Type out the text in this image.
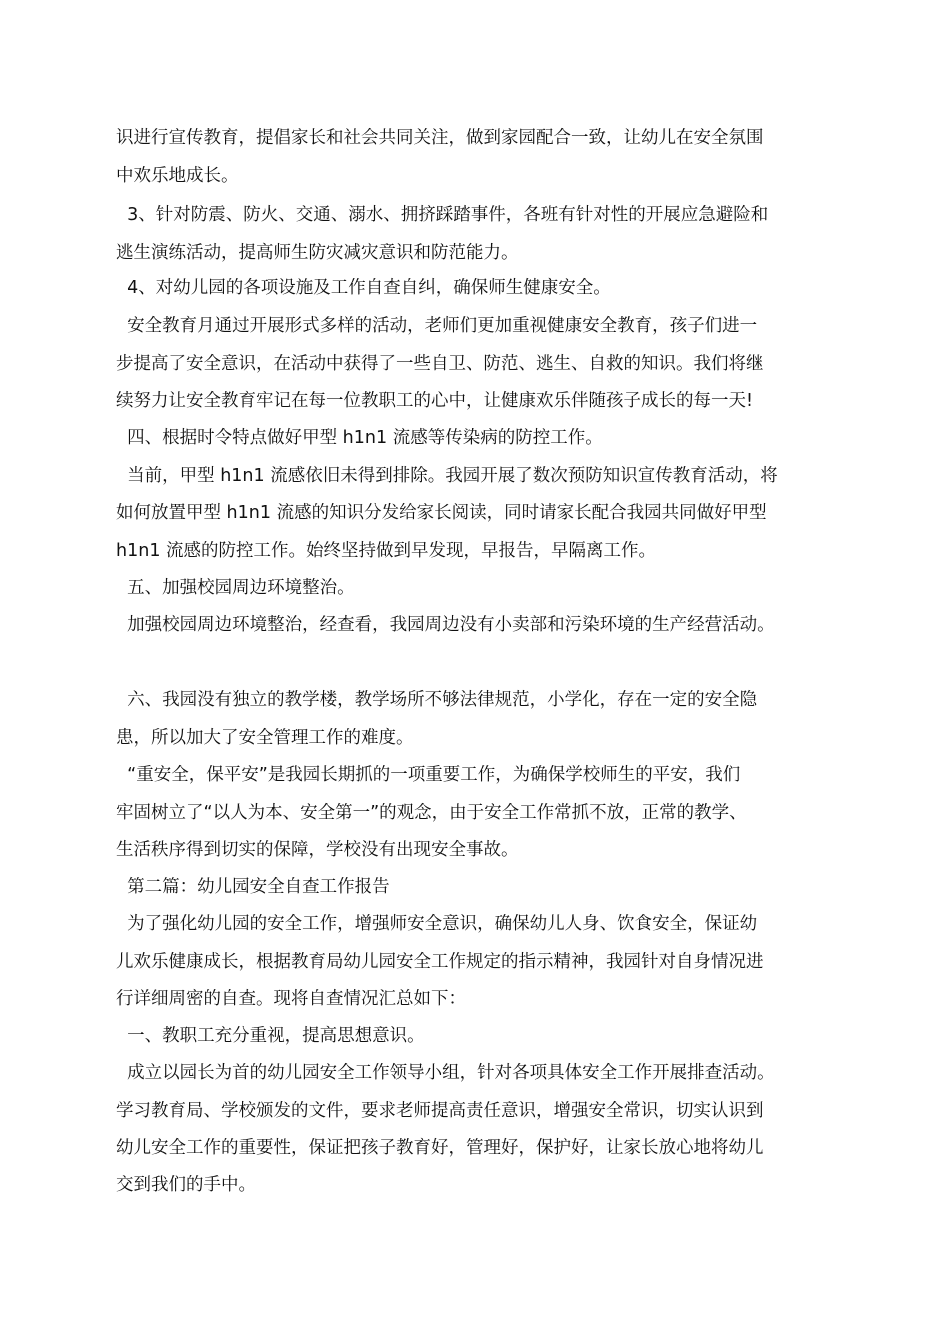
识进行宣传教育，提倡家长和社会共同关注，做到家园配合一致，让幼儿在安全氛围
中欢乐地成长。
3、针对防震、防火、交通、溺水、拥挤踩踏事件，各班有针对性的开展应急避险和
逃生演练活动，提高师生防灾减灾意识和防范能力。
4、对幼儿园的各项设施及工作自查自纠，确保师生健康安全。
安全教育月通过开展形式多样的活动，老师们更加重视健康安全教育，孩子们进一
步提高了安全意识，在活动中获得了一些自卫、防范、逃生、自救的知识。我们将继
续努力让安全教育牢记在每一位教职工的心中，让健康欢乐伴随孩子成长的每一天!
四、根据时令特点做好甲型 h1n1 流感等传染病的防控工作。
当前，甲型 h1n1 流感依旧未得到排除。我园开展了数次预防知识宣传教育活动，将
如何放置甲型 h1n1 流感的知识分发给家长阅读，同时请家长配合我园共同做好甲型
h1n1 流感的防控工作。始终坚持做到早发现，早报告，早隔离工作。
五、加强校园周边环境整治。
加强校园周边环境整治，经查看，我园周边没有小卖部和污染环境的生产经营活动。
六、我园没有独立的教学楼，教学场所不够法律规范，小学化，存在一定的安全隐
患，所以加大了安全管理工作的难度。
“重安全，保平安”是我园长期抓的一项重要工作，为确保学校师生的平安，我们
牢固树立了“以人为本、安全第一”的观念，由于安全工作常抓不放，正常的教学、
生活秩序得到切实的保障，学校没有出现安全事故。
第二篇：幼儿园安全自查工作报告
为了强化幼儿园的安全工作，增强师安全意识，确保幼儿人身、饮食安全，保证幼
儿欢乐健康成长，根据教育局幼儿园安全工作规定的指示精神，我园针对自身情况进
行详细周密的自查。现将自查情况汇总如下：
一、教职工充分重视，提高思想意识。
成立以园长为首的幼儿园安全工作领导小组，针对各项具体安全工作开展排查活动。
学习教育局、学校颁发的文件，要求老师提高责任意识，增强安全常识，切实认识到
幼儿安全工作的重要性，保证把孩子教育好，管理好，保护好，让家长放心地将幼儿
交到我们的手中。
